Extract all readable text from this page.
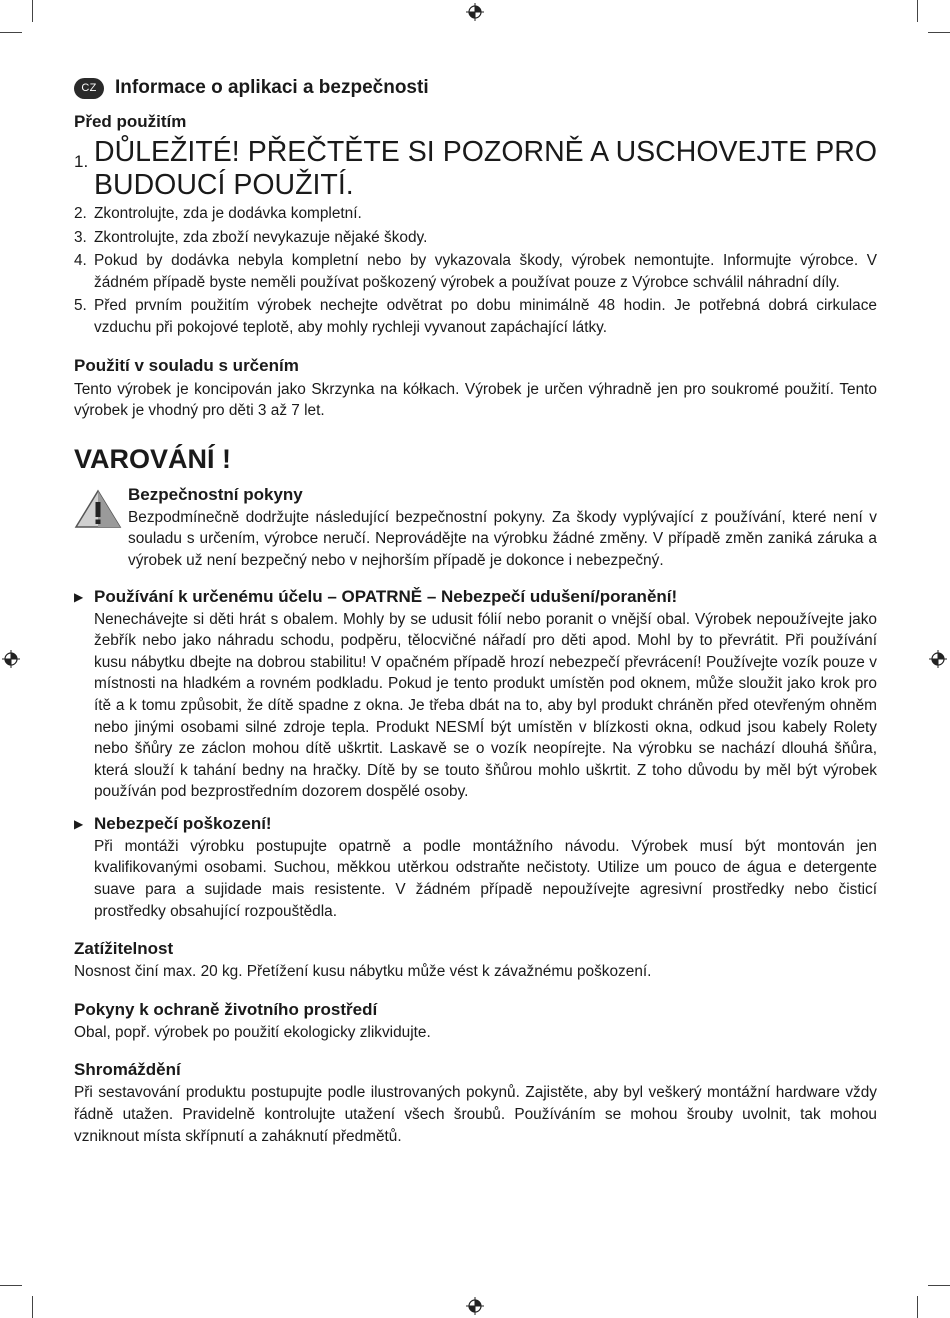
CZ Informace o aplikaci a bezpečnosti
Před použitím
1. DŮLEŽITÉ! PŘEČTĚTE SI POZORNĚ A USCHOVEJTE PRO BUDOUCÍ POUŽITÍ.
2. Zkontrolujte, zda je dodávka kompletní.
3. Zkontrolujte, zda zboží nevykazuje nějaké škody.
4. Pokud by dodávka nebyla kompletní nebo by vykazovala škody, výrobek nemontujte. Informujte výrobce. V žádném případě byste neměli používat poškozený výrobek a používat pouze z Výrobce schválil náhradní díly.
5. Před prvním použitím výrobek nechejte odvětrat po dobu minimálně 48 hodin. Je potřebná dobrá cirkulace vzduchu při pokojové teplotě, aby mohly rychleji vyvanout zapáchající látky.
Použití v souladu s určením

Tento výrobek je koncipován jako Skrzynka na kółkach. Výrobek je určen výhradně jen pro soukromé použití. Tento výrobek je vhodný pro děti 3 až 7 let.

VAROVÁNÍ !
Bezpečnostní pokyny

Bezpodmínečně dodržujte následující bezpečnostní pokyny. Za škody vyplývající z používání, které není v souladu s určením, výrobce neručí. Neprovádějte na výrobku žádné změny. V případě změn zaniká záruka a výrobek už není bezpečný nebo v nejhorším případě je dokonce i nebezpečný.

▶ Používání k určenému účelu – OPATRNĚ – Nebezpečí udušení/poranění!

Nenechávejte si děti hrát s obalem. Mohly by se udusit fólií nebo poranit o vnější obal. Výrobek nepoužívejte jako žebřík nebo jako náhradu schodu, podpěru, tělocvičné nářadí pro děti apod. Mohl by to převrátit. Při používání kusu nábytku dbejte na dobrou stabilitu! V opačném případě hrozí nebezpečí převrácení! Používejte vozík pouze v místnosti na hladkém a rovném podkladu. Pokud je tento produkt umístěn pod oknem, může sloužit jako krok pro ítě a k tomu způsobit, že dítě spadne z okna. Je třeba dbát na to, aby byl produkt chráněn před otevřeným ohněm nebo jinými osobami silné zdroje tepla. Produkt NESMÍ být umístěn v blízkosti okna, odkud jsou kabely Rolety nebo šňůry ze záclon mohou dítě uškrtit. Laskavě se o vozík neopírejte. Na výrobku se nachází dlouhá šňůra, která slouží k tahání bedny na hračky. Dítě by se touto šňůrou mohlo uškrtit. Z toho důvodu by měl být výrobek používán pod bezprostředním dozorem dospělé osoby.

▶ Nebezpečí poškození!

Při montáži výrobku postupujte opatrně a podle montážního návodu. Výrobek musí být montován jen kvalifikovanými osobami. Suchou, měkkou utěrkou odstraňte nečistoty. Utilize um pouco de água e detergente suave para a sujidade mais resistente. V žádném případě nepoužívejte agresivní prostředky nebo čisticí prostředky obsahující rozpouštědla.

Zatížitelnost

Nosnost činí max. 20 kg. Přetížení kusu nábytku může vést k závažnému poškození.

Pokyny k ochraně životního prostředí

Obal, popř. výrobek po použití ekologicky zlikvidujte.

Shromáždění

Při sestavování produktu postupujte podle ilustrovaných pokynů. Zajistěte, aby byl veškerý montážní hardware vždy řádně utažen. Pravidelně kontrolujte utažení všech šroubů. Používáním se mohou šrouby uvolnit, tak mohou vzniknout místa skřípnutí a zaháknutí předmětů.
